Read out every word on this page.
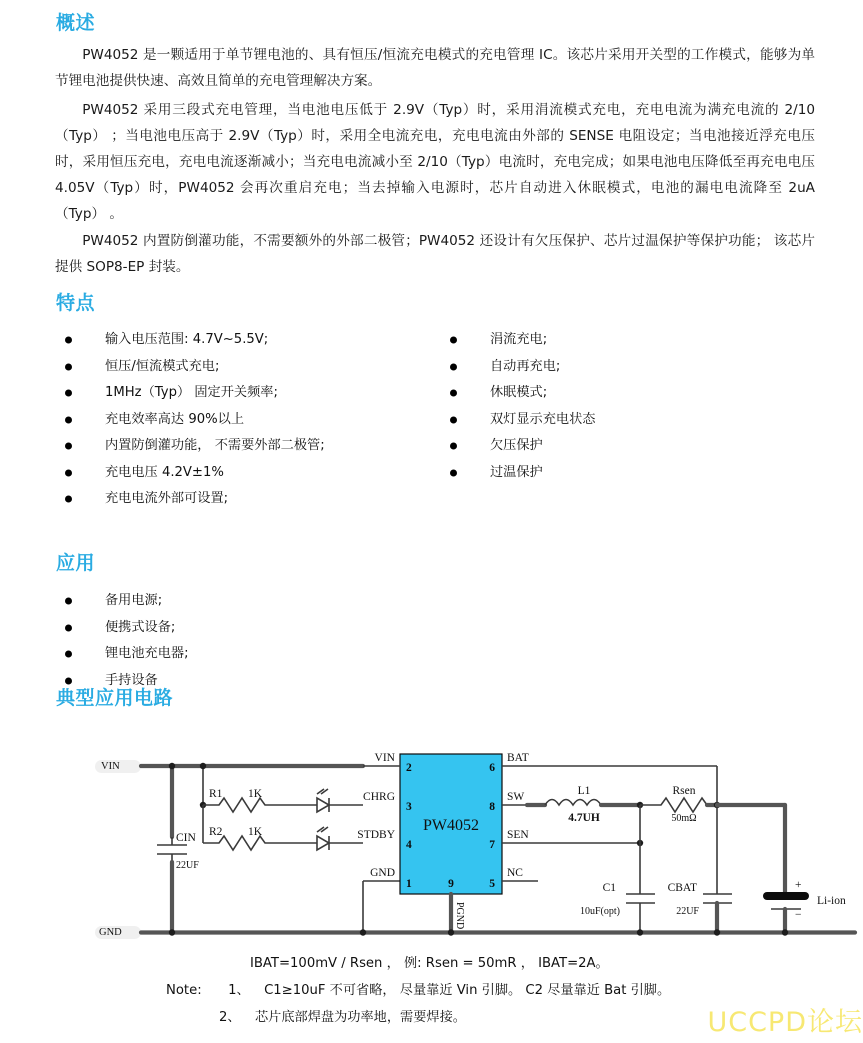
概述
PW4052 是一颗适用于单节锂电池的、具有恒压/恒流充电模式的充电管理 IC。该芯片采用开关型的工作模式，能够为单节锂电池提供快速、高效且简单的充电管理解决方案。
PW4052 采用三段式充电管理，当电池电压低于 2.9V（Typ）时，采用涓流模式充电，充电电流为满充电流的 2/10（Typ） ；当电池电压高于 2.9V（Typ）时，采用全电流充电，充电电流由外部的 SENSE 电阻设定；当电池接近浮充电压时，采用恒压充电，充电电流逐渐减小；当充电电流减小至 2/10（Typ）电流时，充电完成；如果电池电压降低至再充电电压 4.05V（Typ）时，PW4052 会再次重启充电；当去掉输入电源时，芯片自动进入休眠模式，电池的漏电电流降至 2uA（Typ） 。
PW4052 内置防倒灌功能，不需要额外的外部二极管；PW4052 还设计有欠压保护、芯片过温保护等保护功能； 该芯片提供 SOP8-EP 封装。
特点
输入电压范围: 4.7V~5.5V;
恒压/恒流模式充电;
1MHz（Typ） 固定开关频率;
充电效率高达 90%以上
内置防倒灌功能， 不需要外部二极管;
充电电压 4.2V±1%
充电电流外部可设置;
涓流充电;
自动再充电;
休眠模式;
双灯显示充电状态
欠压保护
过温保护
应用
备用电源;
便携式设备;
锂电池充电器;
手持设备
典型应用电路
VIN
GND
CIN
22UF
R1 1K
R2 1K	PW4052
2
3
4
1
6
8
7
5
9
VIN
CHRG
STDBY
GND
BAT
SW
SEN
NC
PGND
L1
4.7UH
C1
10uF(opt)
Rsen
50mΩ
CBAT
22UF
+
−
Li-ion
IBAT=100mV / Rsen ， 例: Rsen = 50mR ， IBAT=2A。
Note: 1、 C1≥10uF 不可省略， 尽量靠近 Vin 引脚。 C2 尽量靠近 Bat 引脚。
2、 芯片底部焊盘为功率地，需要焊接。	UCCPD论坛
